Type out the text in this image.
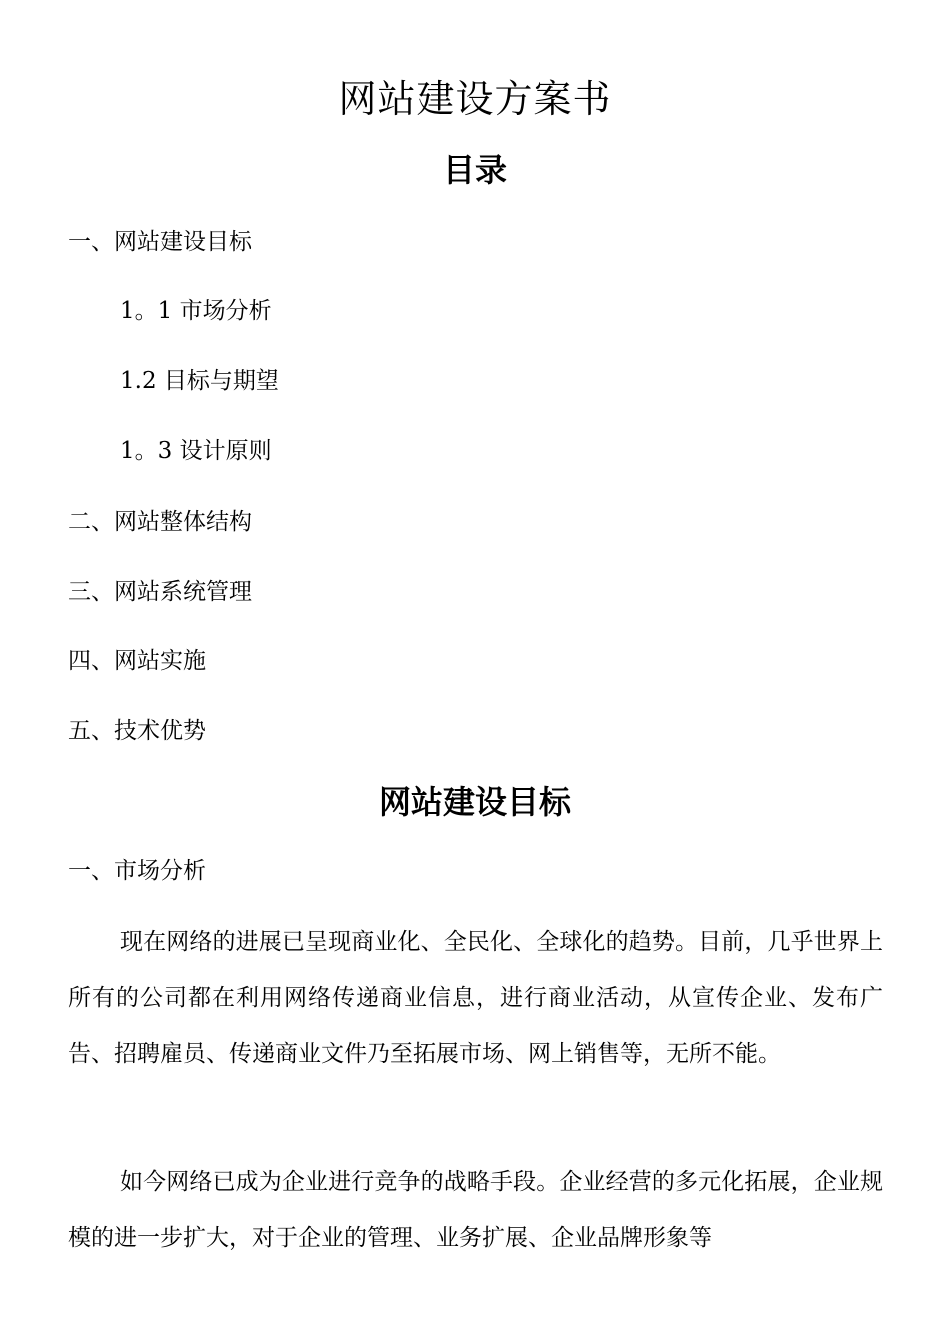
网站建设方案书
目录
一、网站建设目标
1。1 市场分析
1.2 目标与期望
1。3 设计原则
二、网站整体结构
三、网站系统管理
四、网站实施
五、技术优势
网站建设目标
一、市场分析

现在网络的进展已呈现商业化、全民化、全球化的趋势。目前，几乎世界上所有的公司都在利用网络传递商业信息，进行商业活动，从宣传企业、发布广告、招聘雇员、传递商业文件乃至拓展市场、网上销售等，无所不能。

如今网络已成为企业进行竞争的战略手段。企业经营的多元化拓展，企业规模的进一步扩大，对于企业的管理、业务扩展、企业品牌形象等
